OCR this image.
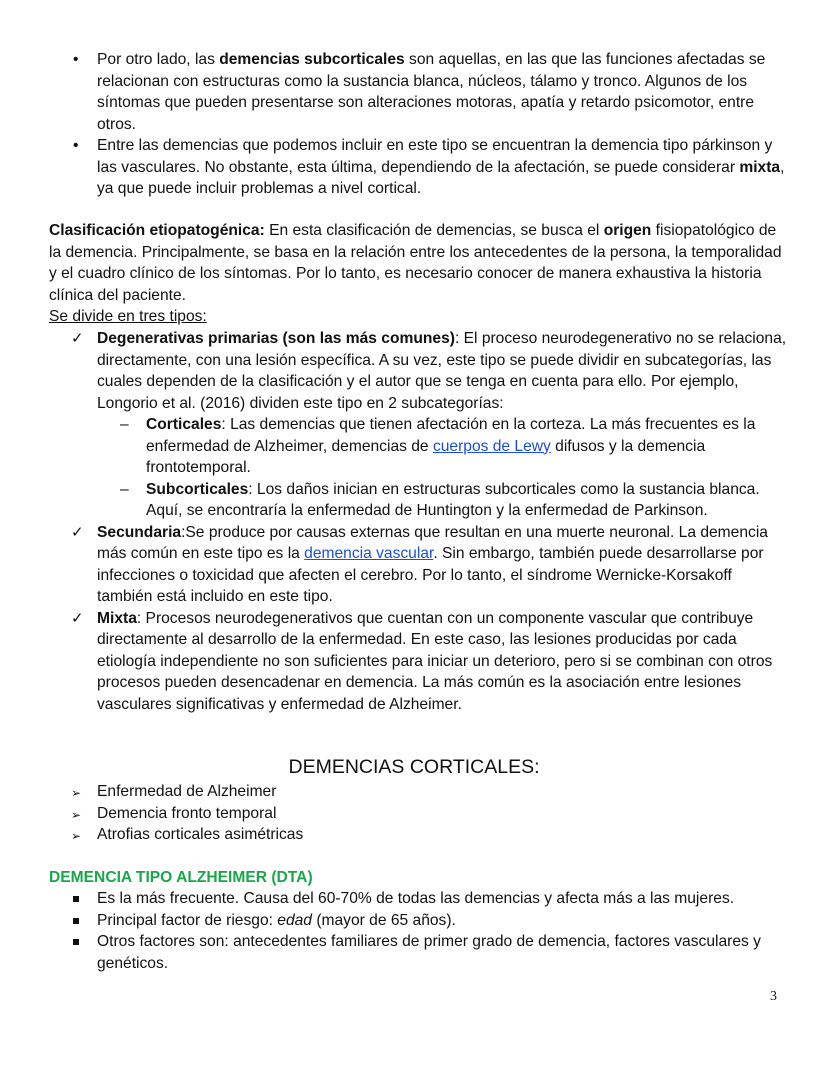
•	Por otro lado, las demencias subcorticales son aquellas, en las que las funciones afectadas se relacionan con estructuras como la sustancia blanca, núcleos, tálamo y tronco. Algunos de los síntomas que pueden presentarse son alteraciones motoras, apatía y retardo psicomotor, entre otros.
•	Entre las demencias que podemos incluir en este tipo se encuentran la demencia tipo párkinson y las vasculares. No obstante, esta última, dependiendo de la afectación, se puede considerar mixta, ya que puede incluir problemas a nivel cortical.
Clasificación etiopatogénica: En esta clasificación de demencias, se busca el origen fisiopatológico de la demencia. Principalmente, se basa en la relación entre los antecedentes de la persona, la temporalidad y el cuadro clínico de los síntomas. Por lo tanto, es necesario conocer de manera exhaustiva la historia clínica del paciente.
Se divide en tres tipos:
✓ Degenerativas primarias (son las más comunes): El proceso neurodegenerativo no se relaciona, directamente, con una lesión específica. A su vez, este tipo se puede dividir en subcategorías, las cuales dependen de la clasificación y el autor que se tenga en cuenta para ello. Por ejemplo, Longorio et al. (2016) dividen este tipo en 2 subcategorías:
–	Corticales: Las demencias que tienen afectación en la corteza. La más frecuentes es la enfermedad de Alzheimer, demencias de cuerpos de Lewy difusos y la demencia frontotemporal.
–	Subcorticales: Los daños inician en estructuras subcorticales como la sustancia blanca. Aquí, se encontraría la enfermedad de Huntington y la enfermedad de Parkinson.
✓ Secundaria:Se produce por causas externas que resultan en una muerte neuronal. La demencia más común en este tipo es la demencia vascular. Sin embargo, también puede desarrollarse por infecciones o toxicidad que afecten el cerebro. Por lo tanto, el síndrome Wernicke-Korsakoff también está incluido en este tipo.
✓ Mixta: Procesos neurodegenerativos que cuentan con un componente vascular que contribuye directamente al desarrollo de la enfermedad. En este caso, las lesiones producidas por cada etiología independiente no son suficientes para iniciar un deterioro, pero si se combinan con otros procesos pueden desencadenar en demencia. La más común es la asociación entre lesiones vasculares significativas y enfermedad de Alzheimer.
DEMENCIAS CORTICALES:
➢	Enfermedad de Alzheimer
➢	Demencia fronto temporal
➢	Atrofias corticales asimétricas
DEMENCIA TIPO ALZHEIMER (DTA)
Es la más frecuente. Causa del 60-70% de todas las demencias y afecta más a las mujeres.
Principal factor de riesgo: edad (mayor de 65 años).
Otros factores son: antecedentes familiares de primer grado de demencia, factores vasculares y genéticos.
3
